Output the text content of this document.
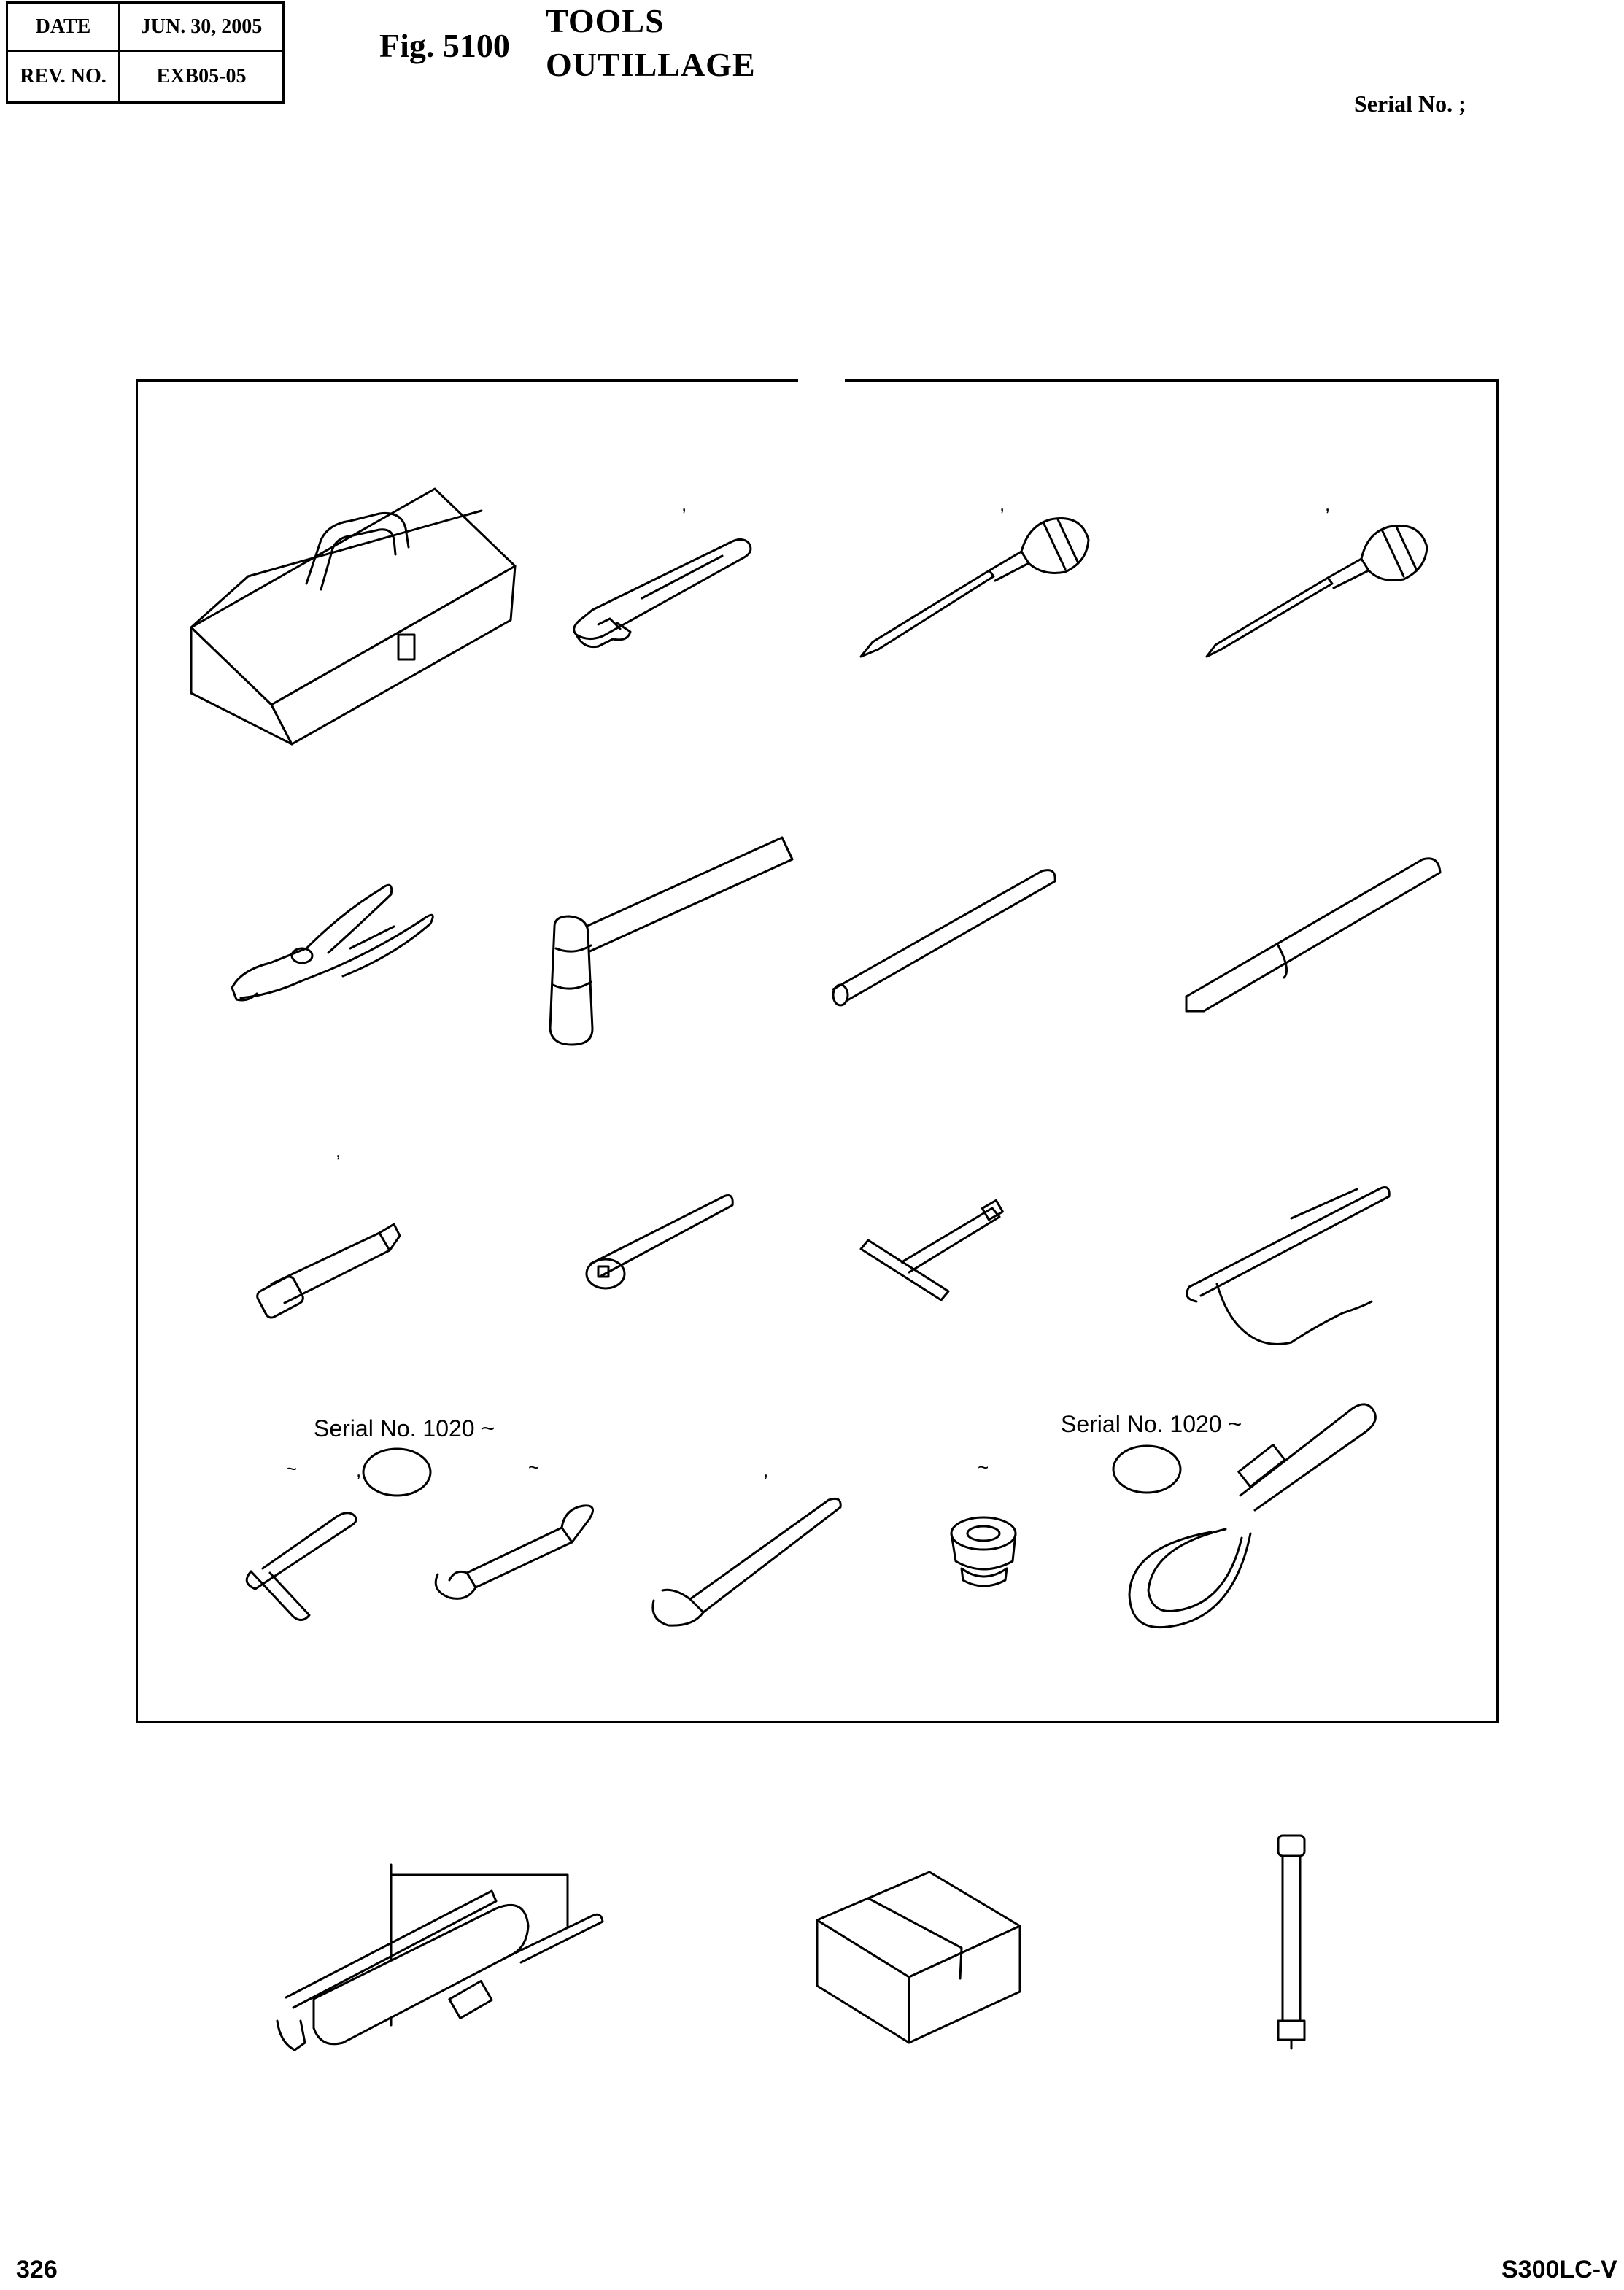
DATE	JUN. 30, 2005
REV. NO.	EXB05-05
Fig. 5100
TOOLS
OUTILLAGE
Serial No. ;
,	,	,
,
~	,	~	,	~
Serial No. 1020 ~	Serial No. 1020 ~
326	S300LC-V
